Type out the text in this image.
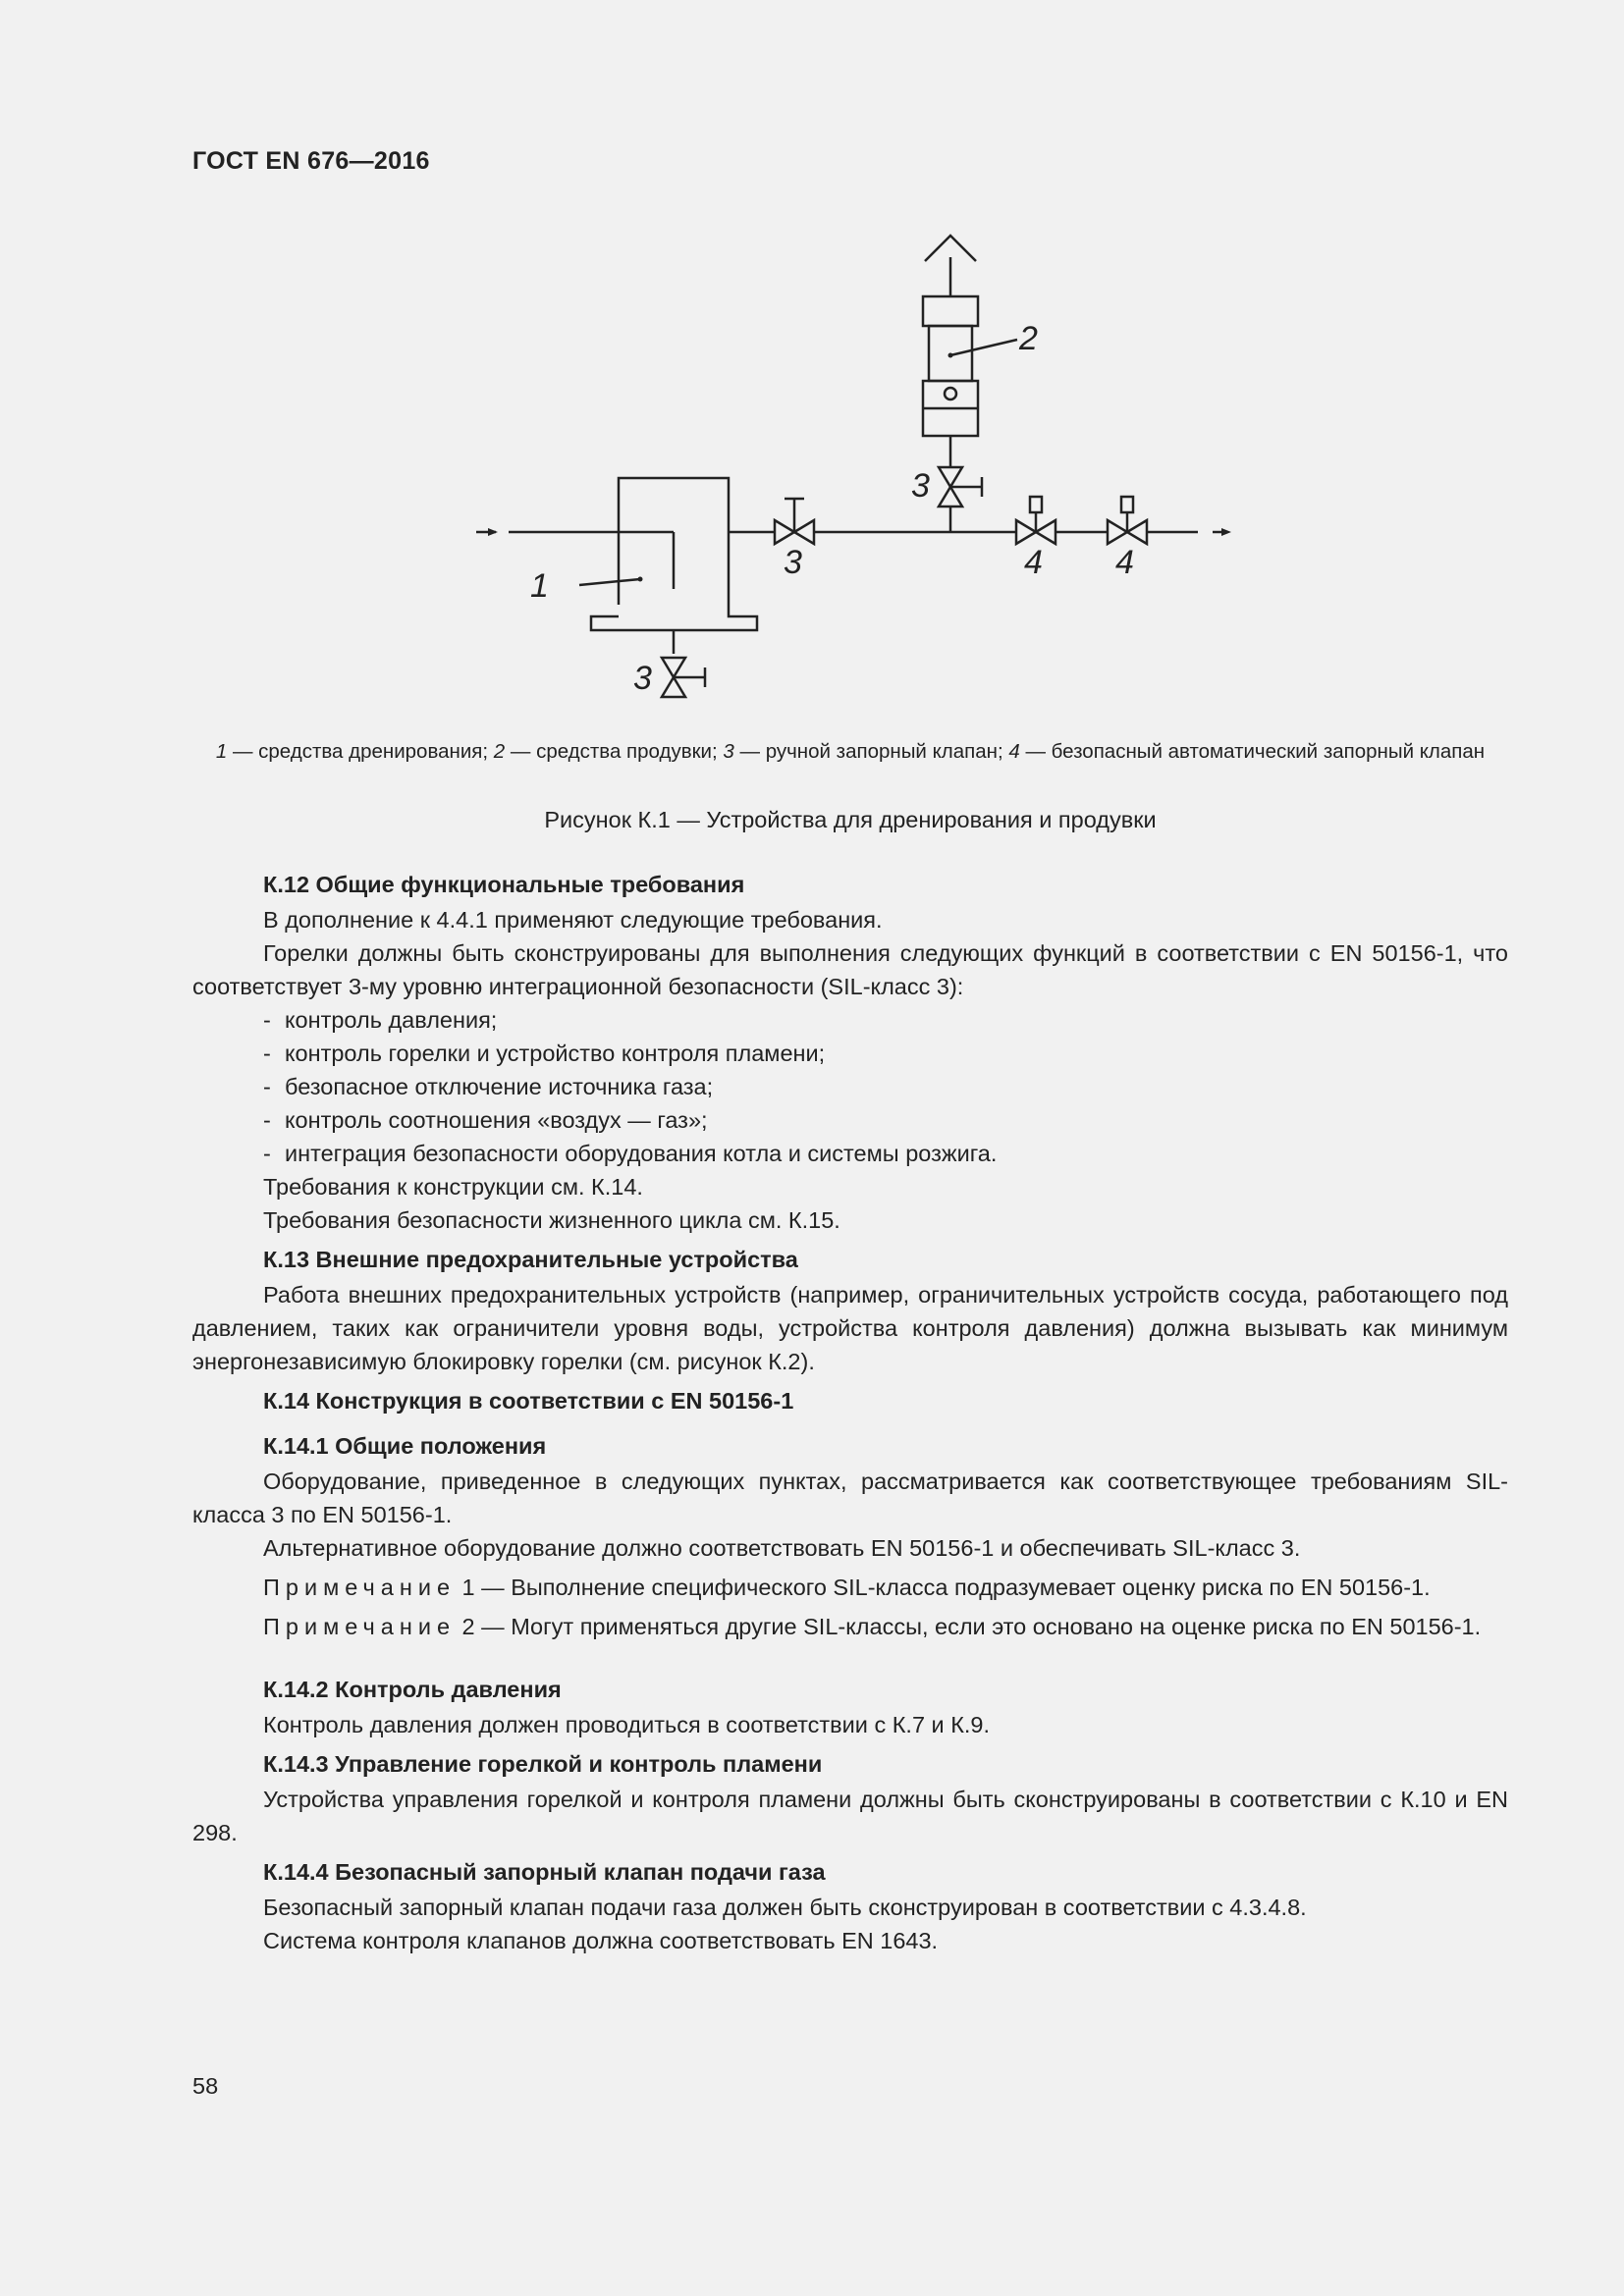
ГОСТ EN 676—2016
1
2
3
3
3
4 4
1 — средства дренирования; 2 — средства продувки; 3 — ручной запорный клапан; 4 — безопасный автоматический запорный клапан
Рисунок К.1 — Устройства для дренирования и продувки

К.12 Общие функциональные требования

В дополнение к 4.4.1 применяют следующие требования.

Горелки должны быть сконструированы для выполнения следующих функций в соответствии с EN 50156-1, что соответствует 3-му уровню интеграционной безопасности (SIL-класс 3):

- контроль давления;

- контроль горелки и устройство контроля пламени;

- безопасное отключение источника газа;

- контроль соотношения «воздух — газ»;

- интеграция безопасности оборудования котла и системы розжига.

Требования к конструкции см. К.14.

Требования безопасности жизненного цикла см. К.15.

К.13 Внешние предохранительные устройства

Работа внешних предохранительных устройств (например, ограничительных устройств сосуда, работающего под давлением, таких как ограничители уровня воды, устройства контроля давления) должна вызывать как минимум энергонезависимую блокировку горелки (см. рисунок К.2).

К.14 Конструкция в соответствии с EN 50156-1

К.14.1 Общие положения

Оборудование, приведенное в следующих пунктах, рассматривается как соответствующее требованиям SIL-класса 3 по EN 50156-1.

Альтернативное оборудование должно соответствовать EN 50156-1 и обеспечивать SIL-класс 3.

Примечание 1 — Выполнение специфического SIL-класса подразумевает оценку риска по EN 50156-1.

Примечание 2 — Могут применяться другие SIL-классы, если это основано на оценке риска по EN 50156-1.

К.14.2 Контроль давления

Контроль давления должен проводиться в соответствии с К.7 и К.9.

К.14.3 Управление горелкой и контроль пламени

Устройства управления горелкой и контроля пламени должны быть сконструированы в соответствии с К.10 и EN 298.

К.14.4 Безопасный запорный клапан подачи газа

Безопасный запорный клапан подачи газа должен быть сконструирован в соответствии с 4.3.4.8.

Система контроля клапанов должна соответствовать EN 1643.

58
